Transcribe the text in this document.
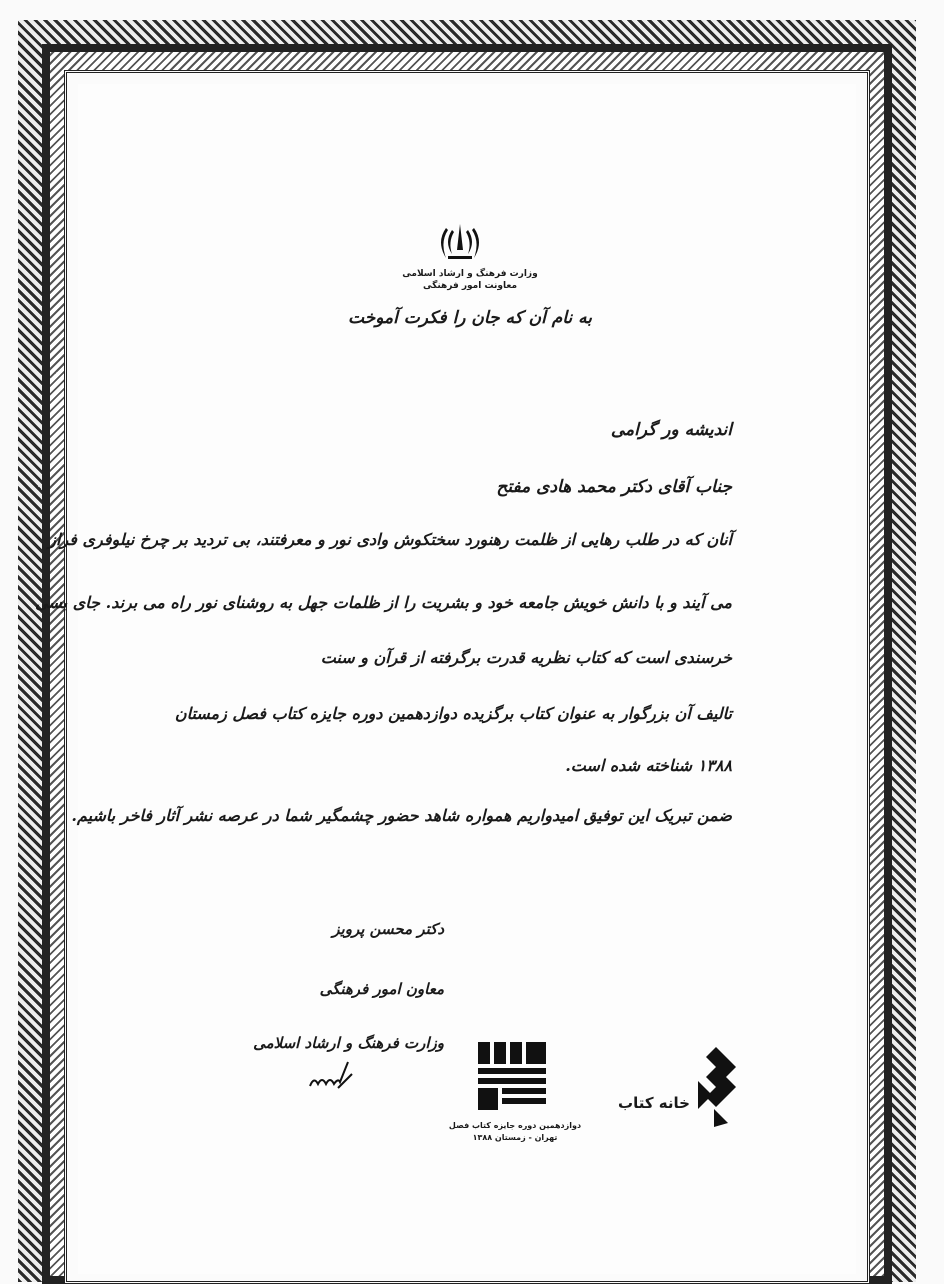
وزارت فرهنگ و ارشاد اسلامی
معاونت امور فرهنگی
به نام آن که جان را فکرت آموخت
اندیشه ور گرامی
جناب آقای دکتر محمد هادی مفتح
آنان که در طلب رهایی از ظلمت رهنورد سختکوش وادی نور و معرفتند، بی تردید بر چرخ نیلوفری فراز
می آیند و با دانش خویش جامعه خود و بشریت را از ظلمات جهل به روشنای نور راه می برند. جای بسی
خرسندی است که کتاب نظریه قدرت برگرفته از قرآن و سنت
تالیف آن بزرگوار به عنوان کتاب برگزیده دوازدهمین دوره جایزه کتاب فصل زمستان
۱۳۸۸ شناخته شده است.
ضمن تبریک این توفیق امیدواریم همواره شاهد حضور چشمگیر شما در عرصه نشر آثار فاخر باشیم.
دکتر محسن پرویز
معاون امور فرهنگی
وزارت فرهنگ و ارشاد اسلامی
دوازدهمین دوره جایزه کتاب فصل
تهران - زمستان ۱۳۸۸
خانه کتاب
